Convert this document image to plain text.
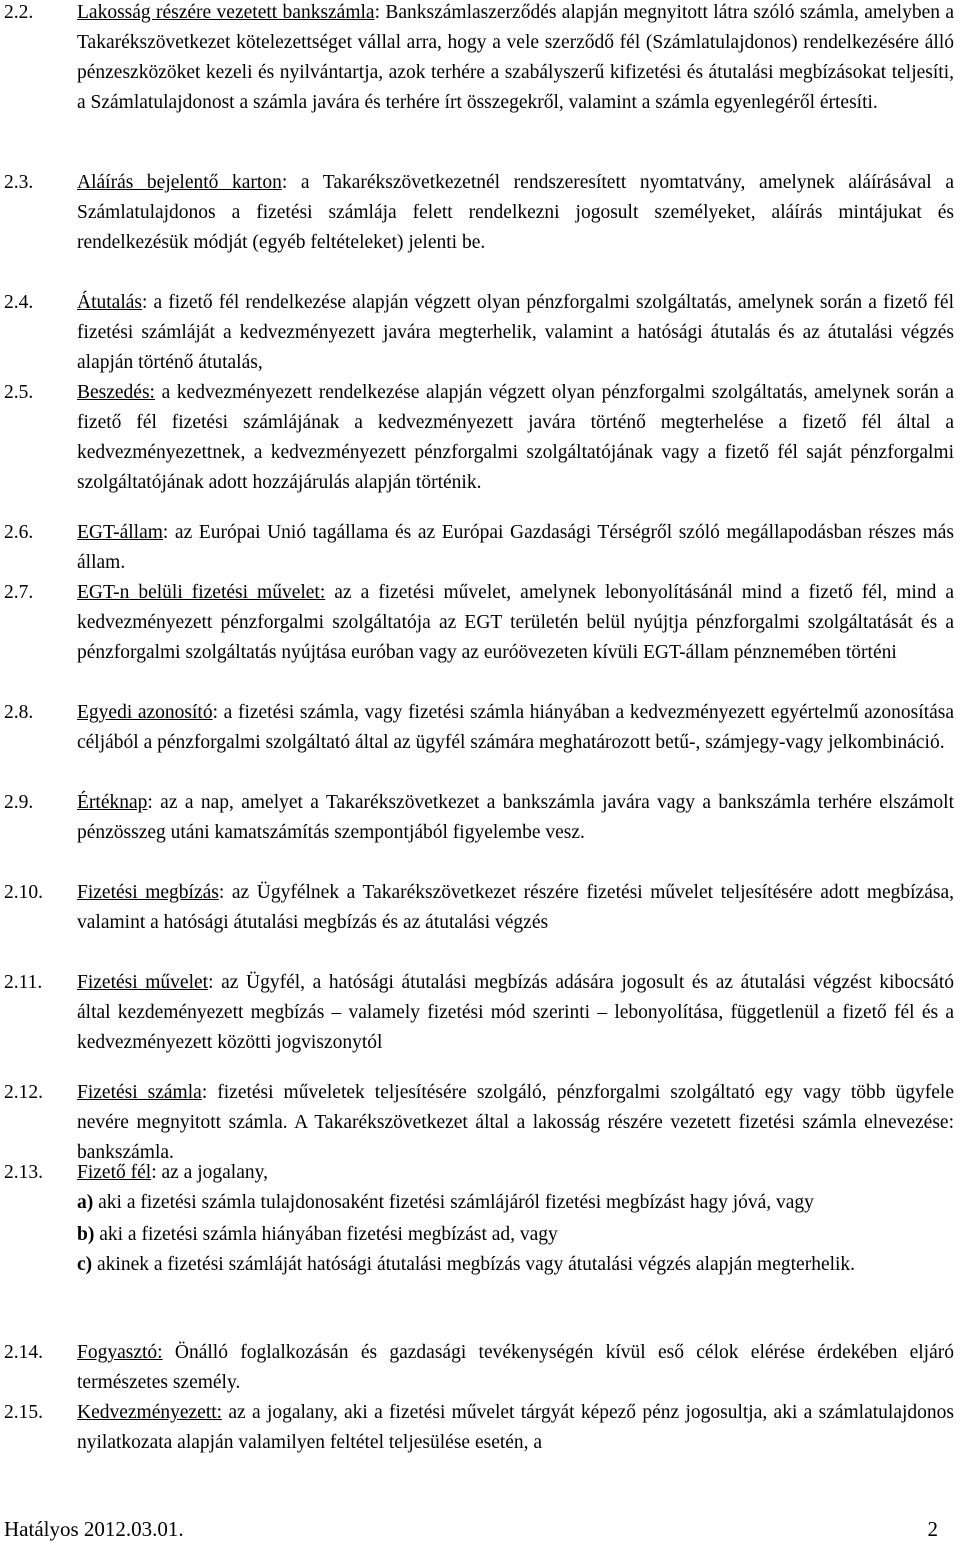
2.2. Lakosság részére vezetett bankszámla: Bankszámlaszerződés alapján megnyitott látra szóló számla, amelyben a Takarékszövetkezet kötelezettséget vállal arra, hogy a vele szerződő fél (Számlatulajdonos) rendelkezésére álló pénzeszközöket kezeli és nyilvántartja, azok terhére a szabályszerű kifizetési és átutalási megbízásokat teljesíti, a Számlatulajdonost a számla javára és terhére írt összegekről, valamint a számla egyenlegéről értesíti.
2.3. Aláírás bejelentő karton: a Takarékszövetkezetnél rendszeresített nyomtatvány, amelynek aláírásával a Számlatulajdonos a fizetési számlája felett rendelkezni jogosult személyeket, aláírás mintájukat és rendelkezésük módját (egyéb feltételeket) jelenti be.
2.4. Átutalás: a fizető fél rendelkezése alapján végzett olyan pénzforgalmi szolgáltatás, amelynek során a fizető fél fizetési számláját a kedvezményezett javára megterhelik, valamint a hatósági átutalás és az átutalási végzés alapján történő átutalás,
2.5. Beszedés: a kedvezményezett rendelkezése alapján végzett olyan pénzforgalmi szolgáltatás, amelynek során a fizető fél fizetési számlájának a kedvezményezett javára történő megterhelése a fizető fél által a kedvezményezettnek, a kedvezményezett pénzforgalmi szolgáltatójának vagy a fizető fél saját pénzforgalmi szolgáltatójának adott hozzájárulás alapján történik.
2.6. EGT-állam: az Európai Unió tagállama és az Európai Gazdasági Térségről szóló megállapodásban részes más állam.
2.7. EGT-n belüli fizetési művelet: az a fizetési művelet, amelynek lebonyolításánál mind a fizető fél, mind a kedvezményezett pénzforgalmi szolgáltatója az EGT területén belül nyújtja pénzforgalmi szolgáltatását és a pénzforgalmi szolgáltatás nyújtása euróban vagy az euróövezeten kívüli EGT-állam pénznemében történi
2.8. Egyedi azonosító: a fizetési számla, vagy fizetési számla hiányában a kedvezményezett egyértelmű azonosítása céljából a pénzforgalmi szolgáltató által az ügyfél számára meghatározott betű-, számjegy-vagy jelkombináció.
2.9. Értéknap: az a nap, amelyet a Takarékszövetkezet a bankszámla javára vagy a bankszámla terhére elszámolt pénzösszeg utáni kamatszámítás szempontjából figyelembe vesz.
2.10. Fizetési megbízás: az Ügyfélnek a Takarékszövetkezet részére fizetési művelet teljesítésére adott megbízása, valamint a hatósági átutalási megbízás és az átutalási végzés
2.11. Fizetési művelet: az Ügyfél, a hatósági átutalási megbízás adására jogosult és az átutalási végzést kibocsátó által kezdeményezett megbízás – valamely fizetési mód szerinti – lebonyolítása, függetlenül a fizető fél és a kedvezményezett közötti jogviszonytól
2.12. Fizetési számla: fizetési műveletek teljesítésére szolgáló, pénzforgalmi szolgáltató egy vagy több ügyfele nevére megnyitott számla. A Takarékszövetkezet által a lakosság részére vezetett fizetési számla elnevezése: bankszámla.
2.13. Fizető fél: az a jogalany,
a) aki a fizetési számla tulajdonosaként fizetési számlájáról fizetési megbízást hagy jóvá, vagy
b) aki a fizetési számla hiányában fizetési megbízást ad, vagy
c) akinek a fizetési számláját hatósági átutalási megbízás vagy átutalási végzés alapján megterhelik.
2.14. Fogyasztó: Önálló foglalkozásán és gazdasági tevékenységén kívül eső célok elérése érdekében eljáró természetes személy.
2.15. Kedvezményezett: az a jogalany, aki a fizetési művelet tárgyát képező pénz jogosultja, aki a számlatulajdonos nyilatkozata alapján valamilyen feltétel teljesülése esetén, a
Hatályos 2012.03.01.	2
